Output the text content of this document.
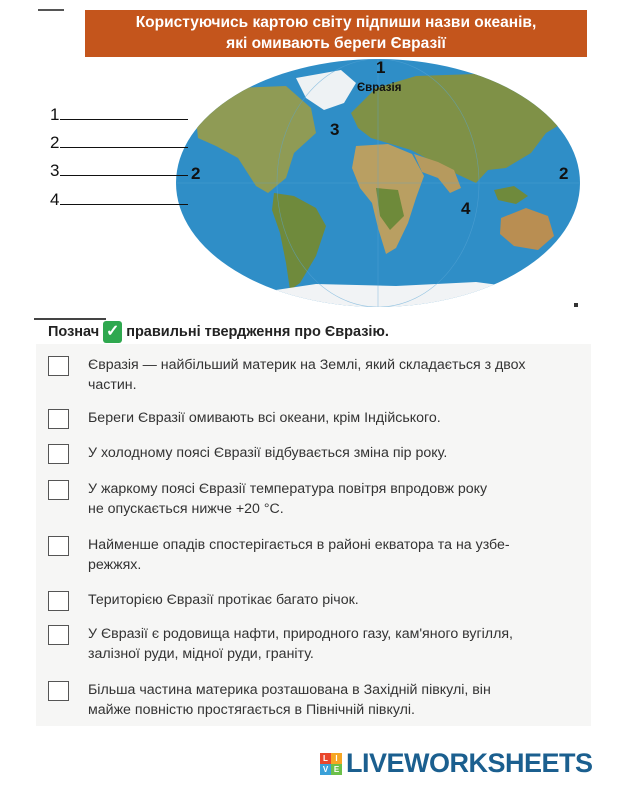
Користуючись картою світу підпиши назви океанів,
які омивають береги Євразії
1
Євразія
3
2	2
4
1
2
3
4
Познач ✓ правильні твердження про Євразію.
Євразія — найбільший материк на Землі, який складається з двох
частин.
Береги Євразії омивають всі океани, крім Індійського.
У холодному поясі Євразії відбувається зміна пір року.
У жаркому поясі Євразії температура повітря впродовж року
не опускається нижче +20 °С.
Найменше опадів спостерігається в районі екватора та на узбе-
режжях.
Територією Євразії протікає багато річок.
У Євразії є родовища нафти, природного газу, кам'яного вугілля,
залізної руди, мідної руди, граніту.
Більша частина материка розташована в Західній півкулі, він
майже повністю простягається в Північній півкулі.
L I
V E LIVEWORKSHEETS
